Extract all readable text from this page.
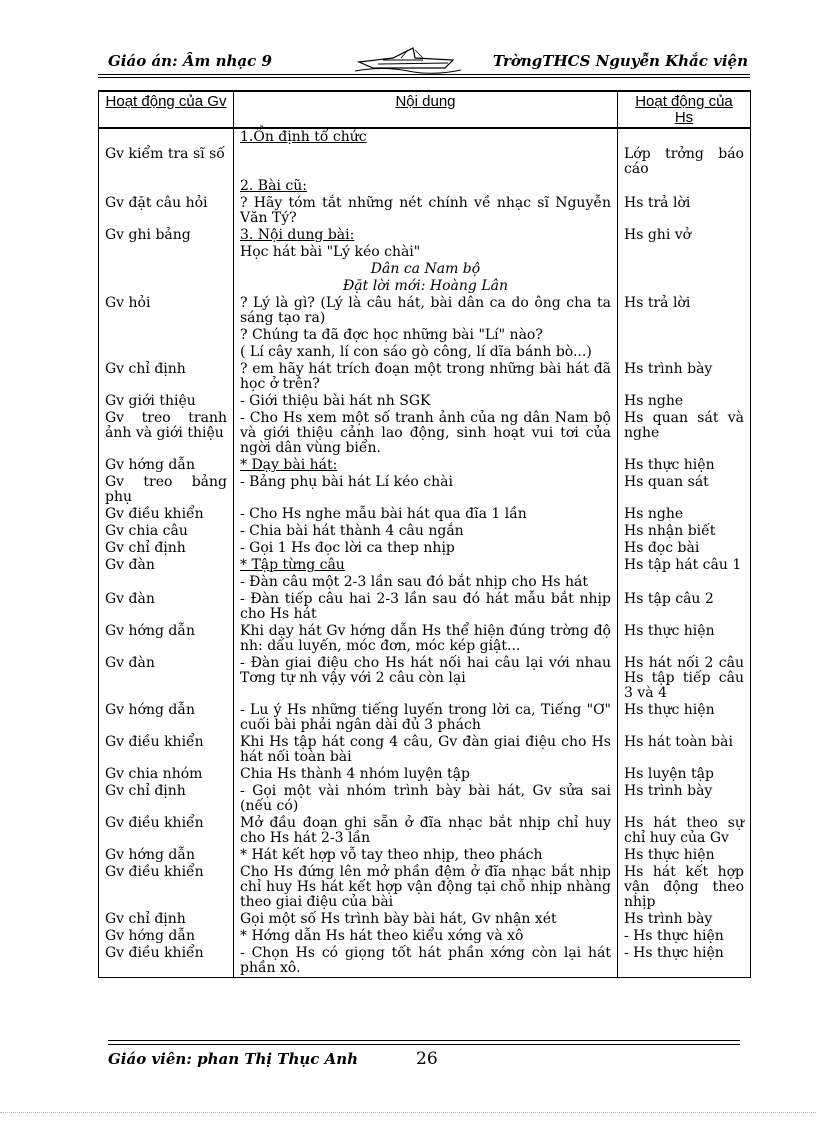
Giáo án: Âm nhạc 9	TrờngTHCS Nguyễn Khắc viện
Hoạt động của Gv	Nội dung	Hoạt động của Hs
	1.Ổn định tổ chức	
Gv kiểm tra sĩ số		Lớp trởng báo cáo
	2. Bài cũ:	
Gv đặt câu hỏi	? Hãy tóm tắt những nét chính về nhạc sĩ Nguyễn Văn Tý?	Hs trả lời
Gv ghi bảng	3. Nội dung bài:	Hs ghi vở
	Học hát bài "Lý kéo chài"	
	Dân ca Nam bộ	
	Đặt lời mới: Hoàng Lân	
Gv hỏi	? Lý là gì? (Lý là câu hát, bài dân ca do ông cha ta sáng tạo ra)	Hs trả lời
	? Chúng ta đã đợc học những bài "Lí" nào?	
	( Lí cây xanh, lí con sáo gò công, lí dĩa bánh bò...)	
Gv chỉ định	? em hãy hát trích đoạn một trong những bài hát đã học ở trên?	Hs trình bày
Gv giới thiệu	- Giới thiệu bài hát nh SGK	Hs nghe
Gv treo tranh ảnh và giới thiệu	- Cho Hs xem một số tranh ảnh của ng dân Nam bộ và giới thiệu cảnh lao động, sinh hoạt vui tơi của ngời dân vùng biển.	Hs quan sát và nghe
Gv hớng dẫn	* Dạy bài hát:	Hs thực hiện
Gv treo bảng phụ	- Bảng phụ bài hát Lí kéo chài	Hs quan sát
Gv điều khiển	- Cho Hs nghe mẫu bài hát qua đĩa 1 lần	Hs nghe
Gv chia câu	- Chia bài hát thành 4 câu ngắn	Hs nhận biết
Gv chỉ định	- Gọi 1 Hs đọc lời ca thep nhịp	Hs đọc bài
Gv đàn	* Tập từng câu	Hs tập hát câu 1
	- Đàn câu một 2-3 lần sau đó bắt nhịp cho Hs hát	
Gv đàn	- Đàn tiếp câu hai 2-3 lần sau đó hát mẫu bắt nhịp cho Hs hát	Hs tập câu 2
Gv hớng dẫn	Khi dạy hát Gv hớng dẫn Hs thể hiện đúng trờng độ nh: dấu luyến, móc đơn, móc kép giật...	Hs thực hiện
Gv đàn	- Đàn giai điệu cho Hs hát nối hai câu lại với nhau Tơng tự nh vậy với 2 câu còn lại	Hs hát nối 2 câu Hs tập tiếp câu 3 và 4
Gv hớng dẫn	- Lu ý Hs những tiếng luyến trong lời ca, Tiếng "Ơ" cuối bài phải ngân dài đủ 3 phách	Hs thực hiện
Gv điều khiển	Khi Hs tập hát cong 4 câu, Gv đàn giai điệu cho Hs hát nối toàn bài	Hs hát toàn bài
Gv chia nhóm	Chia Hs thành 4 nhóm luyện tập	Hs luyện tập
Gv chỉ định	- Gọi một vài nhóm trình bày bài hát, Gv sửa sai (nếu có)	Hs trình bày
Gv điều khiển	Mở đầu đoạn ghi sẵn ở đĩa nhạc bắt nhịp chỉ huy cho Hs hát 2-3 lần	Hs hát theo sự chỉ huy của Gv
Gv hớng dẫn	* Hát kết hợp vỗ tay theo nhịp, theo phách	Hs thực hiện
Gv điều khiển	Cho Hs đứng lên mở phần đệm ở đĩa nhạc bắt nhịp chỉ huy Hs hát kết hợp vận động tại chỗ nhịp nhàng theo giai điệu của bài	Hs hát kết hợp vận động theo nhịp
Gv chỉ định	Gọi một số Hs trình bày bài hát, Gv nhận xét	Hs trình bày
Gv hớng dẫn	* Hớng dẫn Hs hát theo kiểu xớng và xô	- Hs thực hiện
Gv điều khiển	- Chọn Hs có giọng tốt hát phần xớng còn lại hát phần xô.	- Hs thực hiện
Giáo viên: phan Thị Thục Anh	26
